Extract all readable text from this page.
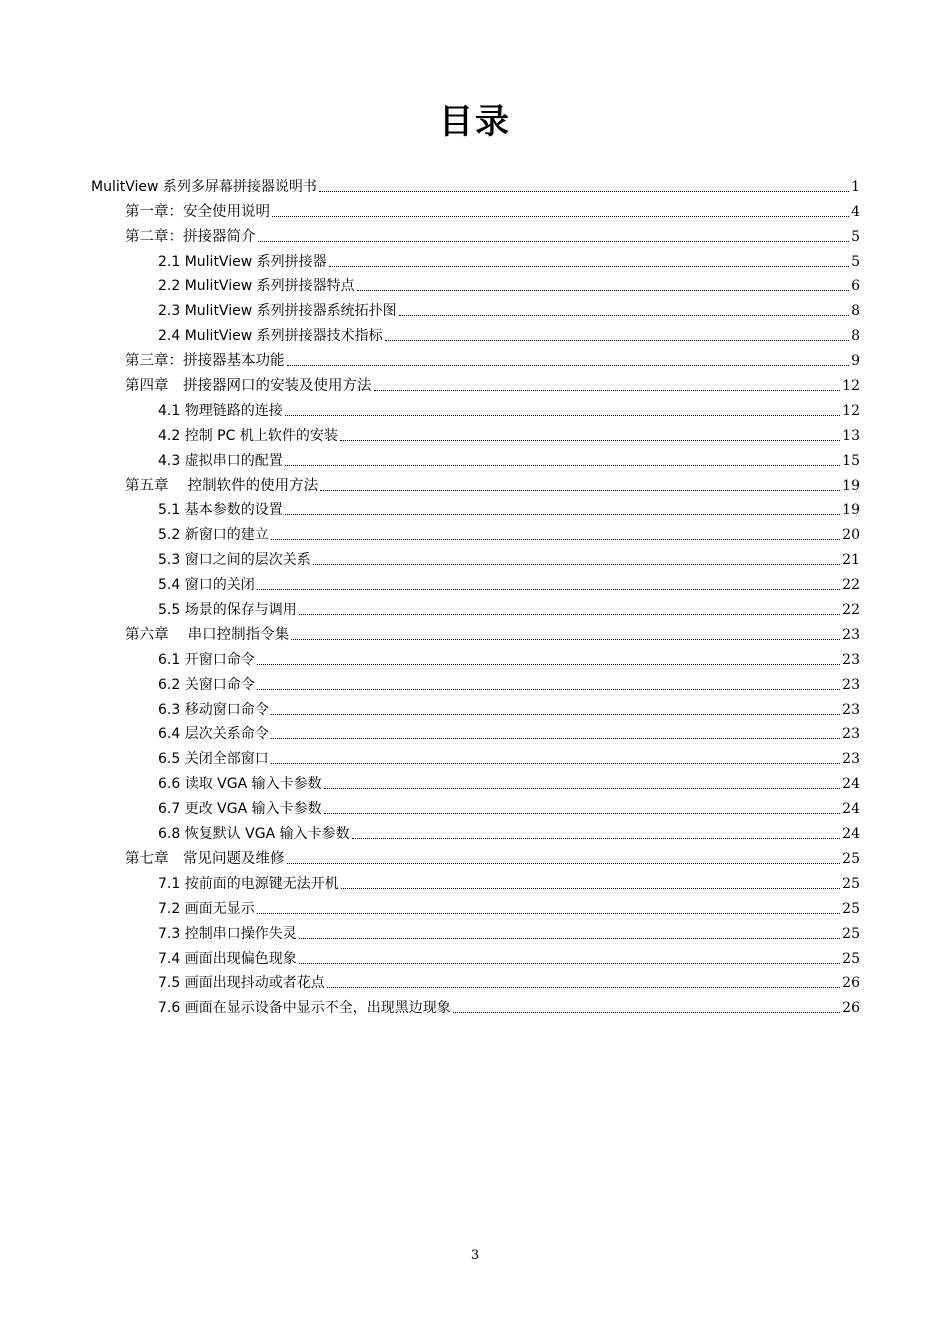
目录
MulitView 系列多屏幕拼接器说明书	1
第一章：安全使用说明	4
第二章：拼接器简介	5
2.1 MulitView 系列拼接器	5
2.2 MulitView 系列拼接器特点	6
2.3 MulitView 系列拼接器系统拓扑图	8
2.4 MulitView 系列拼接器技术指标	8
第三章：拼接器基本功能	9
第四章　拼接器网口的安装及使用方法	12
4.1 物理链路的连接	12
4.2 控制 PC 机上软件的安装	13
4.3 虚拟串口的配置	15
第五章　 控制软件的使用方法	19
5.1 基本参数的设置	19
5.2 新窗口的建立	20
5.3 窗口之间的层次关系	21
5.4 窗口的关闭	22
5.5 场景的保存与调用	22
第六章　 串口控制指令集	23
6.1 开窗口命令	23
6.2 关窗口命令	23
6.3 移动窗口命令	23
6.4 层次关系命令	23
6.5 关闭全部窗口	23
6.6 读取 VGA 输入卡参数	24
6.7 更改 VGA 输入卡参数	24
6.8 恢复默认 VGA 输入卡参数	24
第七章　常见问题及维修	25
7.1 按前面的电源键无法开机	25
7.2 画面无显示	25
7.3 控制串口操作失灵	25
7.4 画面出现偏色现象	25
7.5 画面出现抖动或者花点	26
7.6 画面在显示设备中显示不全，出现黑边现象	26
3
